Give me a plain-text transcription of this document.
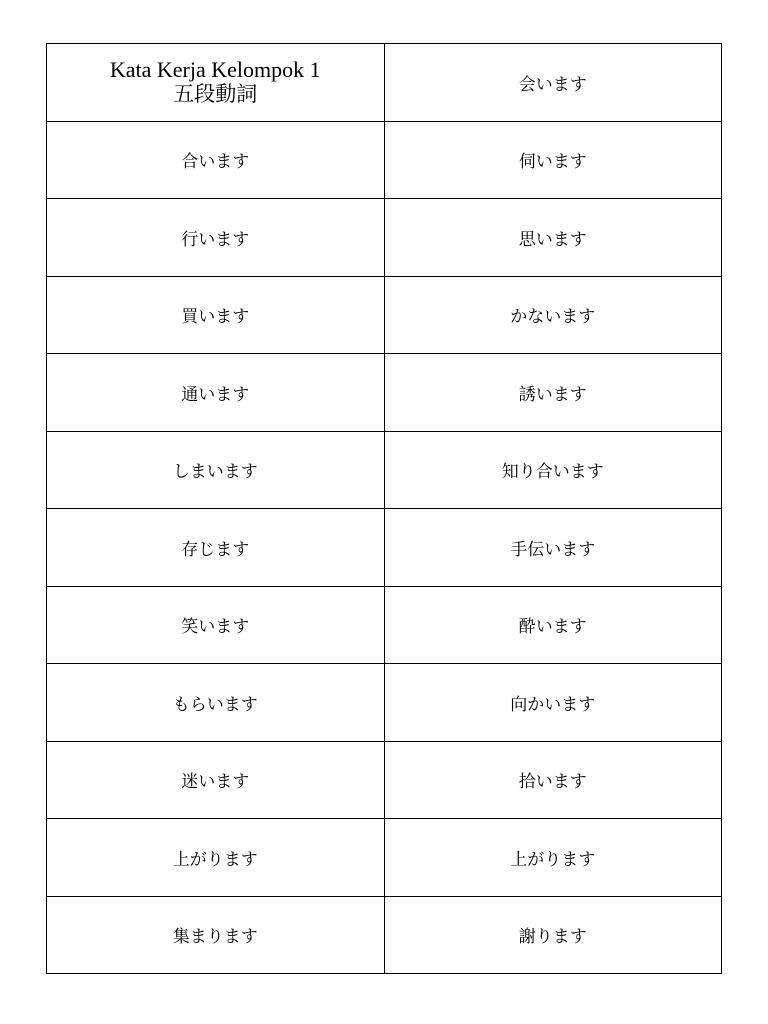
Kata Kerja Kelompok 1
五段動詞	会います
合います	伺います
行います	思います
買います	かないます
通います	誘います
しまいます	知り合います
存じます	手伝います
笑います	酔います
もらいます	向かいます
迷います	拾います
上がります	上がります
集まります	謝ります
